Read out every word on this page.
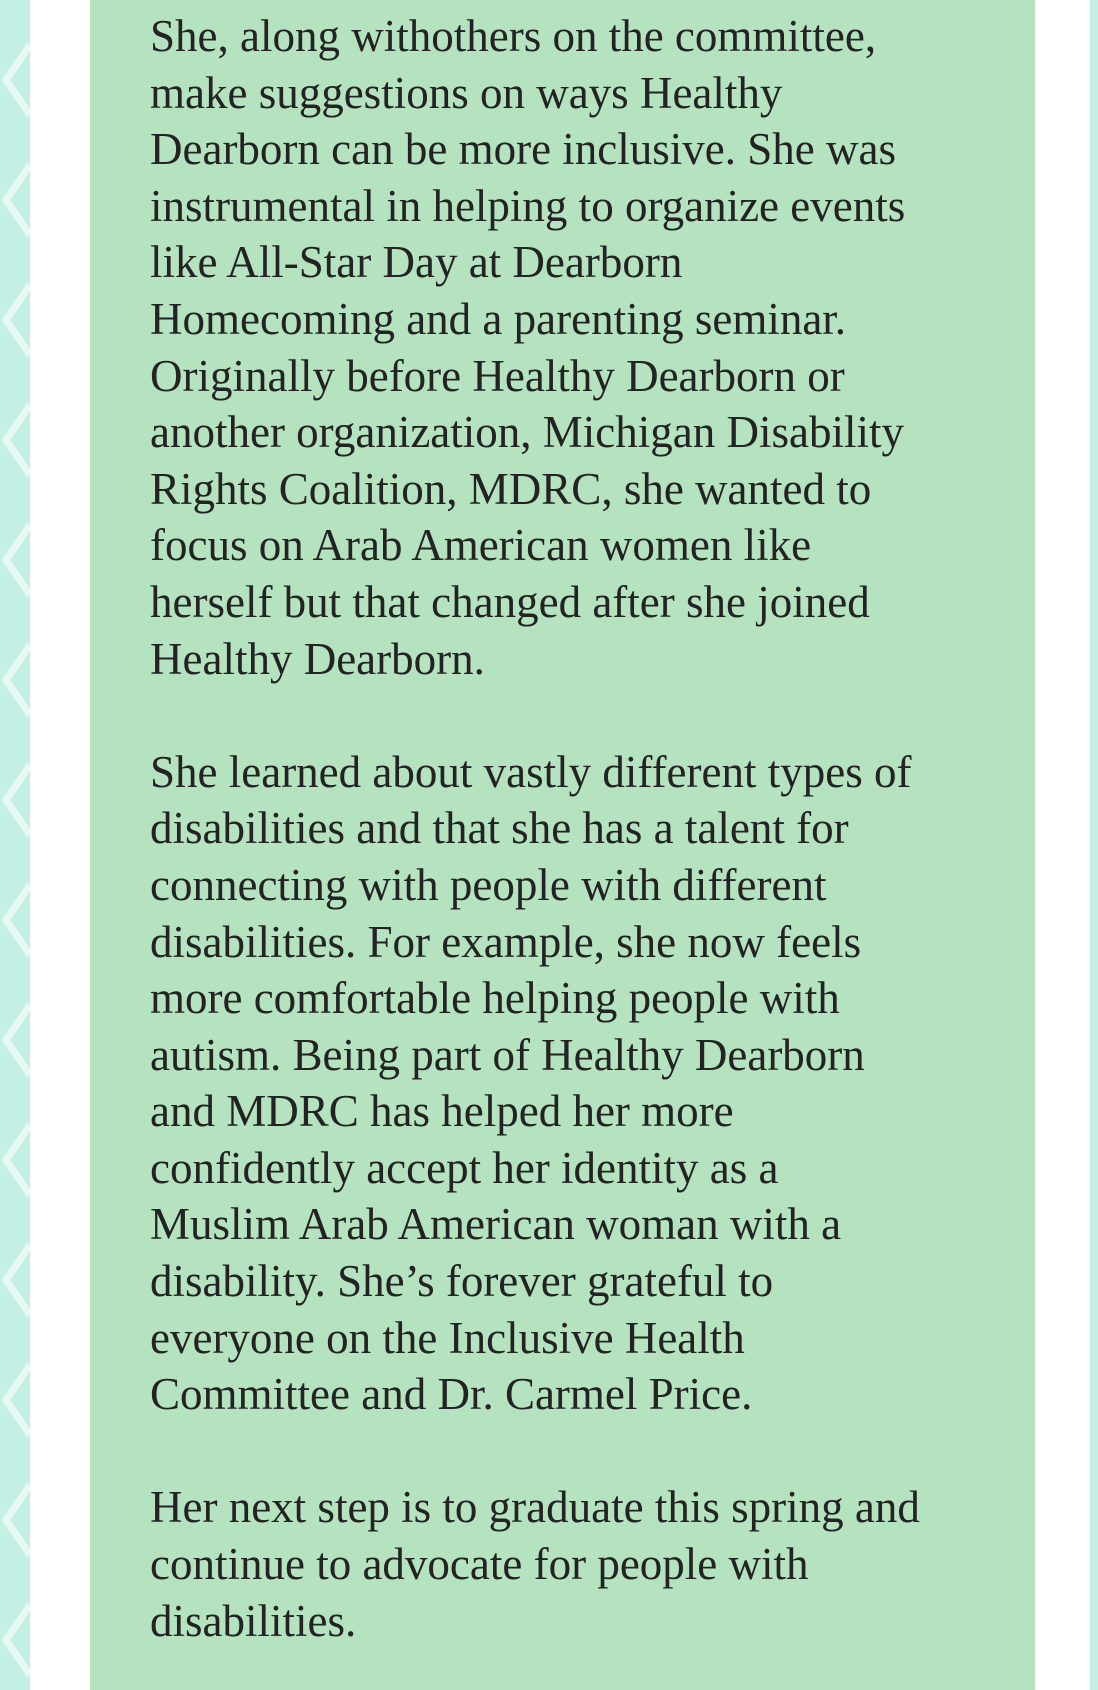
She, along withothers on the committee,
make suggestions on ways Healthy
Dearborn can be more inclusive. She was
instrumental in helping to organize events
like All-Star Day at Dearborn
Homecoming and a parenting seminar.
Originally before Healthy Dearborn or
another organization, Michigan Disability
Rights Coalition, MDRC, she wanted to
focus on Arab American women like
herself but that changed after she joined
Healthy Dearborn.

She learned about vastly different types of
disabilities and that she has a talent for
connecting with people with different
disabilities. For example, she now feels
more comfortable helping people with
autism. Being part of Healthy Dearborn
and MDRC has helped her more
confidently accept her identity as a
Muslim Arab American woman with a
disability. She’s forever grateful to
everyone on the Inclusive Health
Committee and Dr. Carmel Price.

Her next step is to graduate this spring and
continue to advocate for people with
disabilities.
